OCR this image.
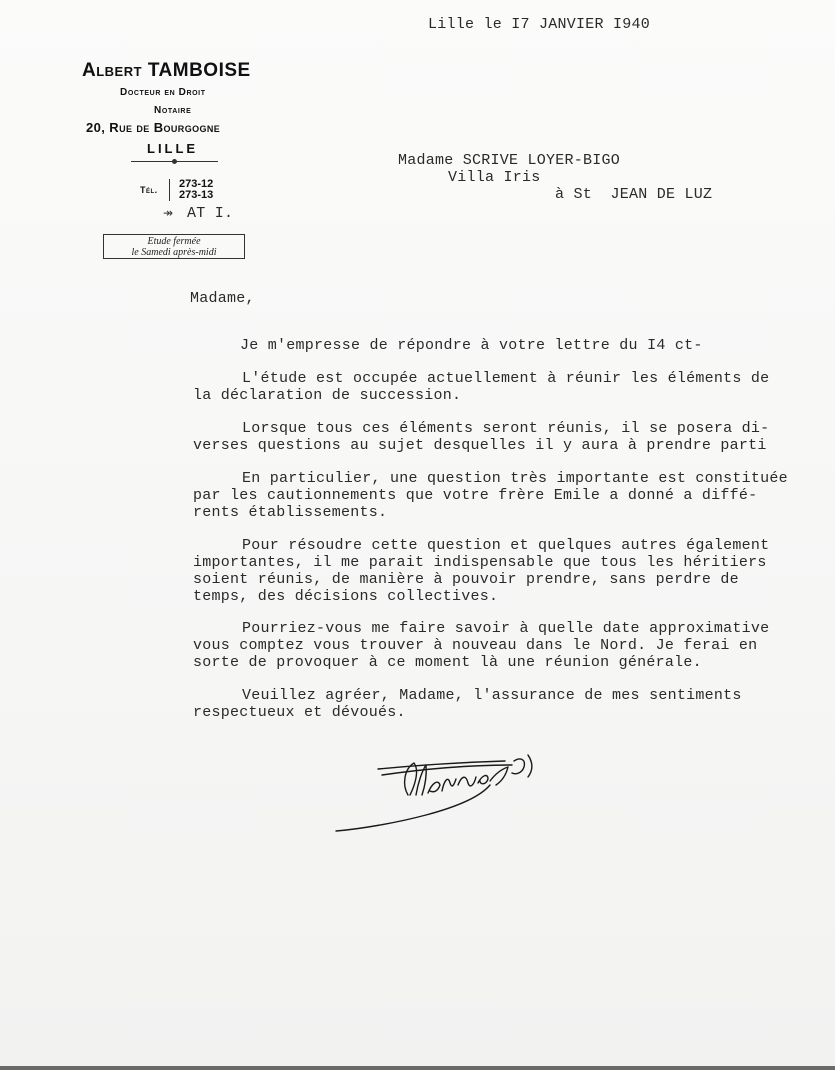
Lille le I7 JANVIER I940
Albert TAMBOISE
Docteur en Droit
Notaire
20, Rue de Bourgogne
LILLE
Tél. 273-12
273-13
↠ AT I.
Etude fermée
le Samedi après-midi
Madame SCRIVE LOYER-BIGO
Villa Iris
à St  JEAN DE LUZ
Madame,
Je m'empresse de répondre à votre lettre du I4 ct-
L'étude est occupée actuellement à réunir les éléments de
la déclaration de succession.
Lorsque tous ces éléments seront réunis, il se posera di-
verses questions au sujet desquelles il y aura à prendre parti
En particulier, une question très importante est constituée
par les cautionnements que votre frère Emile a donné a diffé-
rents établissements.
Pour résoudre cette question et quelques autres également
importantes, il me parait indispensable que tous les héritiers
soient réunis, de manière à pouvoir prendre, sans perdre de
temps, des décisions collectives.
Pourriez-vous me faire savoir à quelle date approximative
vous comptez vous trouver à nouveau dans le Nord. Je ferai en
sorte de provoquer à ce moment là une réunion générale.
Veuillez agréer, Madame, l'assurance de mes sentiments
respectueux et dévoués.
